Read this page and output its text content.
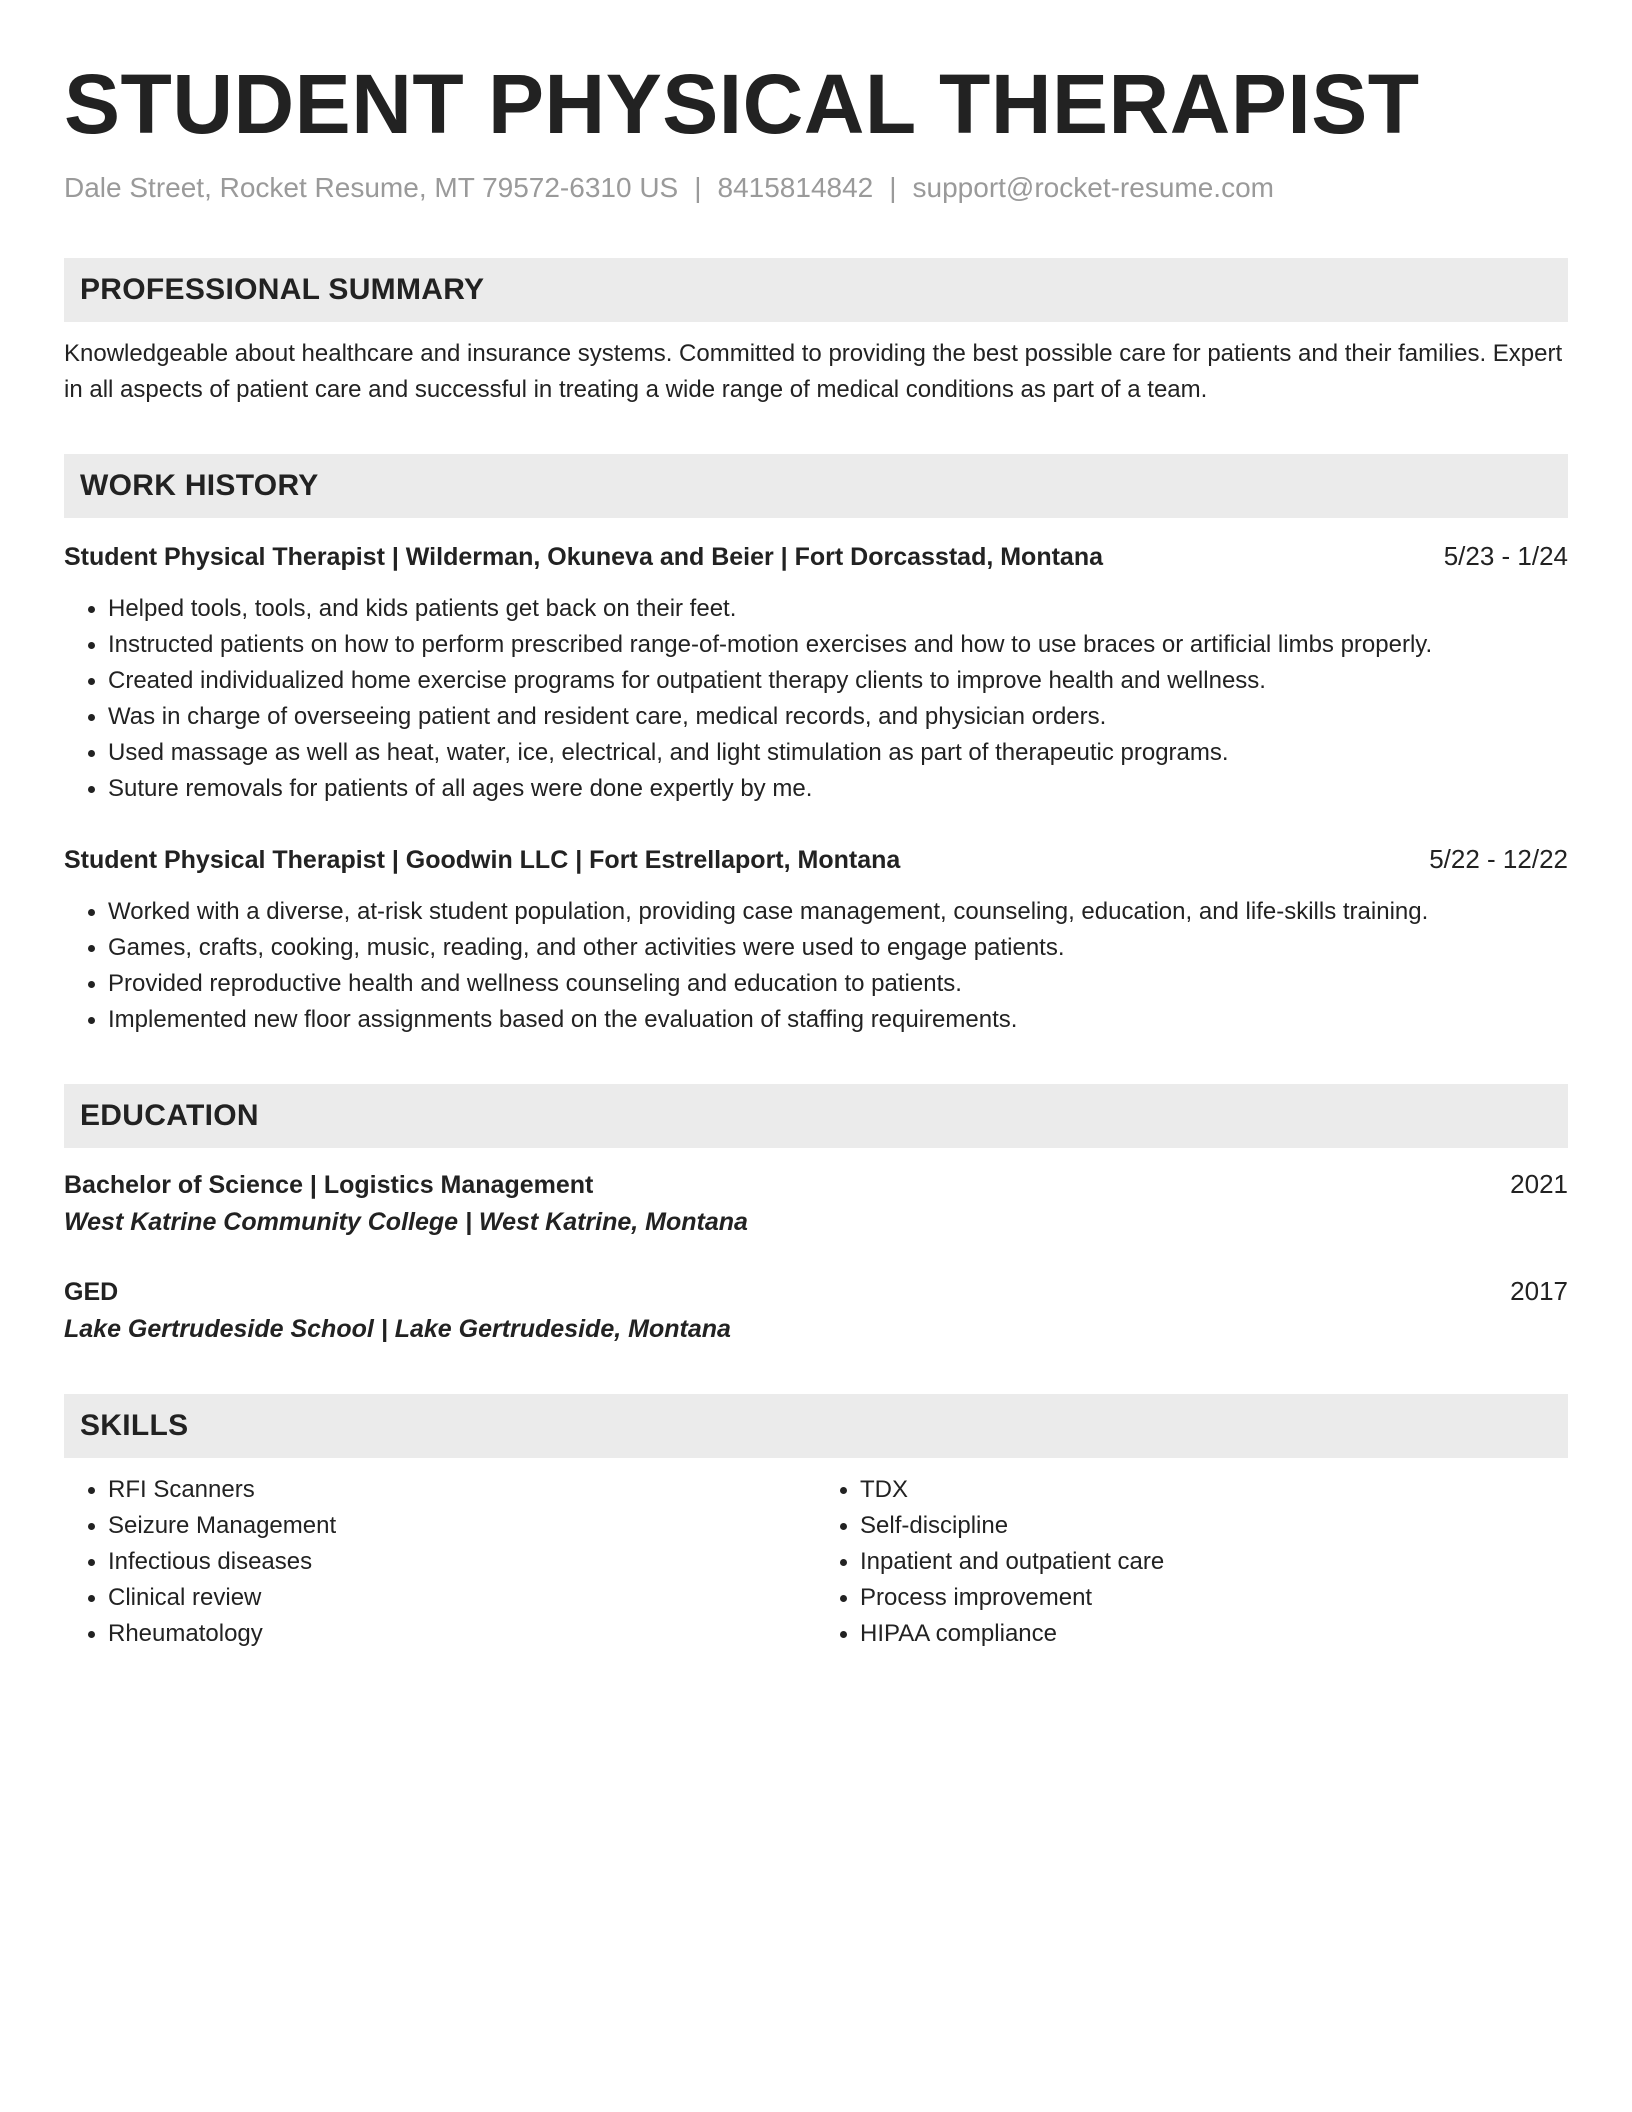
STUDENT PHYSICAL THERAPIST
Dale Street, Rocket Resume, MT 79572-6310 US | 8415814842 | support@rocket-resume.com
PROFESSIONAL SUMMARY
Knowledgeable about healthcare and insurance systems. Committed to providing the best possible care for patients and their families. Expert in all aspects of patient care and successful in treating a wide range of medical conditions as part of a team.
WORK HISTORY
Student Physical Therapist | Wilderman, Okuneva and Beier | Fort Dorcasstad, Montana	5/23 - 1/24
• Helped tools, tools, and kids patients get back on their feet.
• Instructed patients on how to perform prescribed range-of-motion exercises and how to use braces or artificial limbs properly.
• Created individualized home exercise programs for outpatient therapy clients to improve health and wellness.
• Was in charge of overseeing patient and resident care, medical records, and physician orders.
• Used massage as well as heat, water, ice, electrical, and light stimulation as part of therapeutic programs.
• Suture removals for patients of all ages were done expertly by me.
Student Physical Therapist | Goodwin LLC | Fort Estrellaport, Montana	5/22 - 12/22
• Worked with a diverse, at-risk student population, providing case management, counseling, education, and life-skills training.
• Games, crafts, cooking, music, reading, and other activities were used to engage patients.
• Provided reproductive health and wellness counseling and education to patients.
• Implemented new floor assignments based on the evaluation of staffing requirements.
EDUCATION
Bachelor of Science | Logistics Management	2021
West Katrine Community College | West Katrine, Montana
GED	2017
Lake Gertrudeside School | Lake Gertrudeside, Montana
SKILLS
• RFI Scanners
• Seizure Management
• Infectious diseases
• Clinical review
• Rheumatology
• TDX
• Self-discipline
• Inpatient and outpatient care
• Process improvement
• HIPAA compliance
